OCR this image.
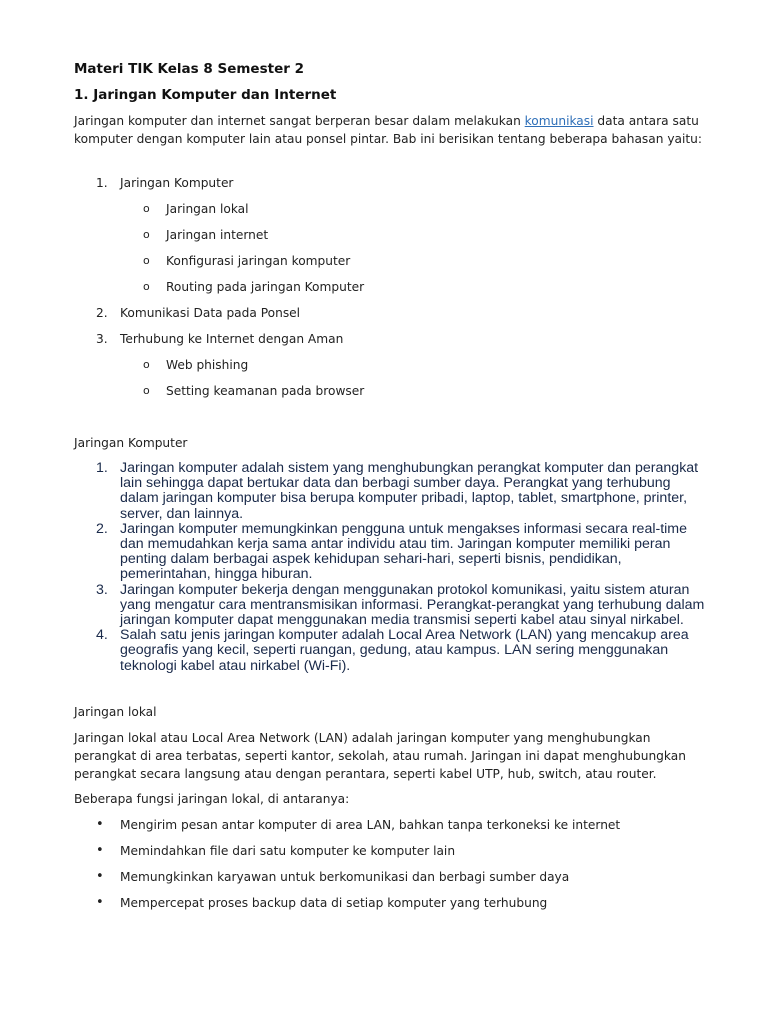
Materi TIK Kelas 8 Semester 2
1. Jaringan Komputer dan Internet

Jaringan komputer dan internet sangat berperan besar dalam melakukan komunikasi data antara satu komputer dengan komputer lain atau ponsel pintar. Bab ini berisikan tentang beberapa bahasan yaitu:

1. Jaringan Komputer
o Jaringan lokal
o Jaringan internet
o Konfigurasi jaringan komputer
o Routing pada jaringan Komputer
2. Komunikasi Data pada Ponsel
3. Terhubung ke Internet dengan Aman
o Web phishing
o Setting keamanan pada browser
Jaringan Komputer
1. Jaringan komputer adalah sistem yang menghubungkan perangkat komputer dan perangkat lain sehingga dapat bertukar data dan berbagi sumber daya. Perangkat yang terhubung dalam jaringan komputer bisa berupa komputer pribadi, laptop, tablet, smartphone, printer, server, dan lainnya.
2. Jaringan komputer memungkinkan pengguna untuk mengakses informasi secara real-time dan memudahkan kerja sama antar individu atau tim. Jaringan komputer memiliki peran penting dalam berbagai aspek kehidupan sehari-hari, seperti bisnis, pendidikan, pemerintahan, hingga hiburan.
3. Jaringan komputer bekerja dengan menggunakan protokol komunikasi, yaitu sistem aturan yang mengatur cara mentransmisikan informasi. Perangkat-perangkat yang terhubung dalam jaringan komputer dapat menggunakan media transmisi seperti kabel atau sinyal nirkabel.
4. Salah satu jenis jaringan komputer adalah Local Area Network (LAN) yang mencakup area geografis yang kecil, seperti ruangan, gedung, atau kampus. LAN sering menggunakan teknologi kabel atau nirkabel (Wi-Fi).
Jaringan lokal

Jaringan lokal atau Local Area Network (LAN) adalah jaringan komputer yang menghubungkan perangkat di area terbatas, seperti kantor, sekolah, atau rumah. Jaringan ini dapat menghubungkan perangkat secara langsung atau dengan perantara, seperti kabel UTP, hub, switch, atau router.

Beberapa fungsi jaringan lokal, di antaranya:
• Mengirim pesan antar komputer di area LAN, bahkan tanpa terkoneksi ke internet
• Memindahkan file dari satu komputer ke komputer lain
• Memungkinkan karyawan untuk berkomunikasi dan berbagi sumber daya
• Mempercepat proses backup data di setiap komputer yang terhubung
